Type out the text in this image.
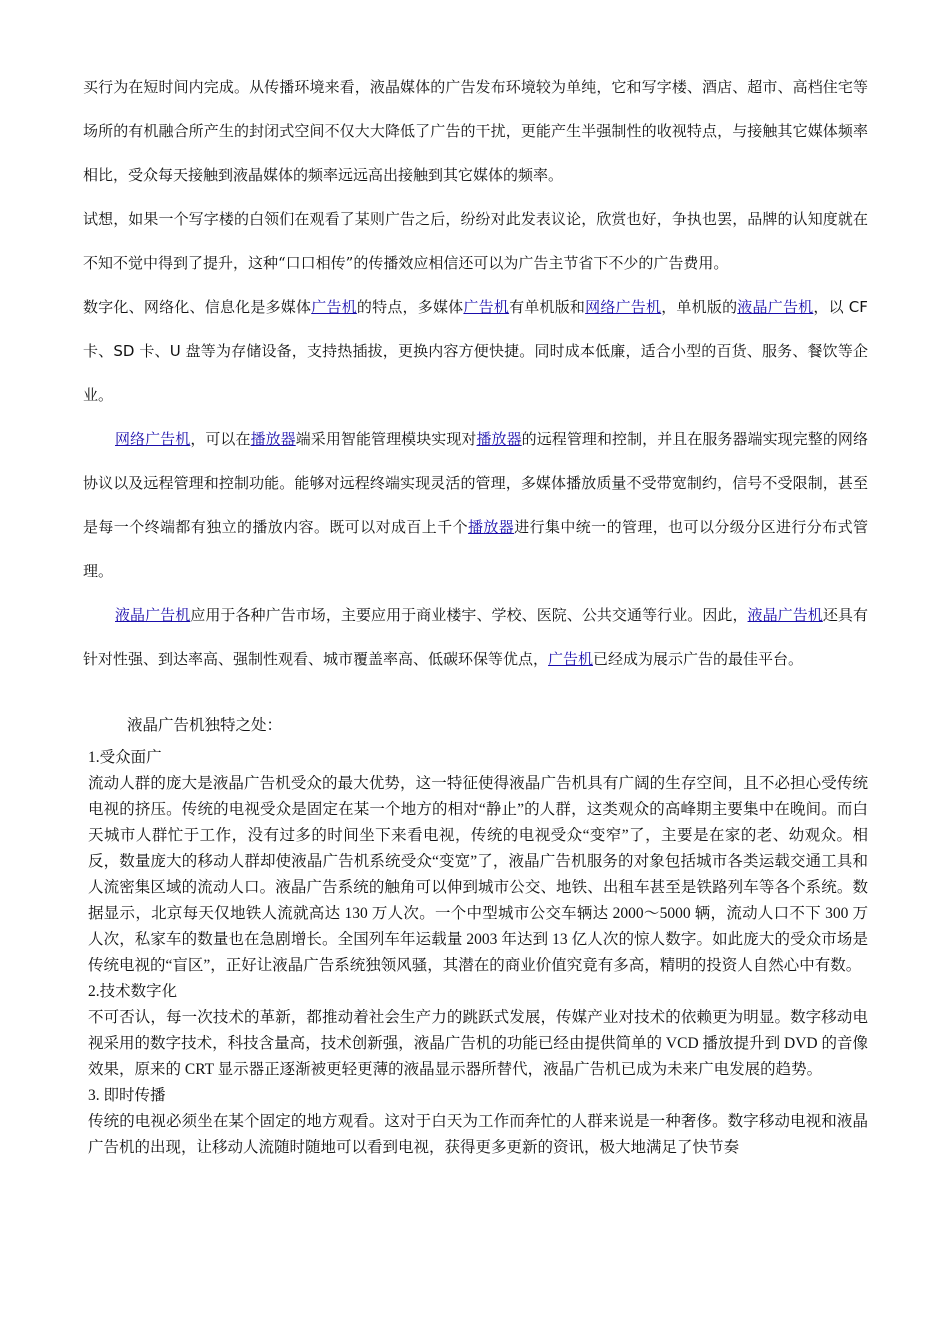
买行为在短时间内完成。从传播环境来看，液晶媒体的广告发布环境较为单纯，它和写字楼、酒店、超市、高档住宅等场所的有机融合所产生的封闭式空间不仅大大降低了广告的干扰，更能产生半强制性的收视特点，与接触其它媒体频率相比，受众每天接触到液晶媒体的频率远远高出接触到其它媒体的频率。

试想，如果一个写字楼的白领们在观看了某则广告之后，纷纷对此发表议论，欣赏也好，争执也罢，品牌的认知度就在不知不觉中得到了提升，这种“口口相传”的传播效应相信还可以为广告主节省下不少的广告费用。

数字化、网络化、信息化是多媒体广告机的特点，多媒体广告机有单机版和网络广告机，单机版的液晶广告机，以 CF 卡、SD 卡、U 盘等为存储设备，支持热插拔，更换内容方便快捷。同时成本低廉，适合小型的百货、服务、餐饮等企业。

网络广告机，可以在播放器端采用智能管理模块实现对播放器的远程管理和控制，并且在服务器端实现完整的网络协议以及远程管理和控制功能。能够对远程终端实现灵活的管理，多媒体播放质量不受带宽制约，信号不受限制，甚至是每一个终端都有独立的播放内容。既可以对成百上千个播放器进行集中统一的管理，也可以分级分区进行分布式管理。

液晶广告机应用于各种广告市场，主要应用于商业楼宇、学校、医院、公共交通等行业。因此，液晶广告机还具有针对性强、到达率高、强制性观看、城市覆盖率高、低碳环保等优点，广告机已经成为展示广告的最佳平台。

液晶广告机独特之处：

1.受众面广

流动人群的庞大是液晶广告机受众的最大优势，这一特征使得液晶广告机具有广阔的生存空间，且不必担心受传统电视的挤压。传统的电视受众是固定在某一个地方的相对“静止”的人群，这类观众的高峰期主要集中在晚间。而白天城市人群忙于工作，没有过多的时间坐下来看电视，传统的电视受众“变窄”了，主要是在家的老、幼观众。相反，数量庞大的移动人群却使液晶广告机系统受众“变宽”了，液晶广告机服务的对象包括城市各类运载交通工具和人流密集区域的流动人口。液晶广告系统的触角可以伸到城市公交、地铁、出租车甚至是铁路列车等各个系统。数据显示，北京每天仅地铁人流就高达 130 万人次。一个中型城市公交车辆达 2000～5000 辆，流动人口不下 300 万人次，私家车的数量也在急剧增长。全国列车年运载量 2003 年达到 13 亿人次的惊人数字。如此庞大的受众市场是传统电视的“盲区”，正好让液晶广告系统独领风骚，其潜在的商业价值究竟有多高，精明的投资人自然心中有数。

2.技术数字化

不可否认，每一次技术的革新，都推动着社会生产力的跳跃式发展，传媒产业对技术的依赖更为明显。数字移动电视采用的数字技术，科技含量高，技术创新强，液晶广告机的功能已经由提供简单的 VCD 播放提升到 DVD 的音像效果，原来的 CRT 显示器正逐渐被更轻更薄的液晶显示器所替代，液晶广告机已成为未来广电发展的趋势。

3. 即时传播

传统的电视必须坐在某个固定的地方观看。这对于白天为工作而奔忙的人群来说是一种奢侈。数字移动电视和液晶广告机的出现，让移动人流随时随地可以看到电视，获得更多更新的资讯，极大地满足了快节奏
